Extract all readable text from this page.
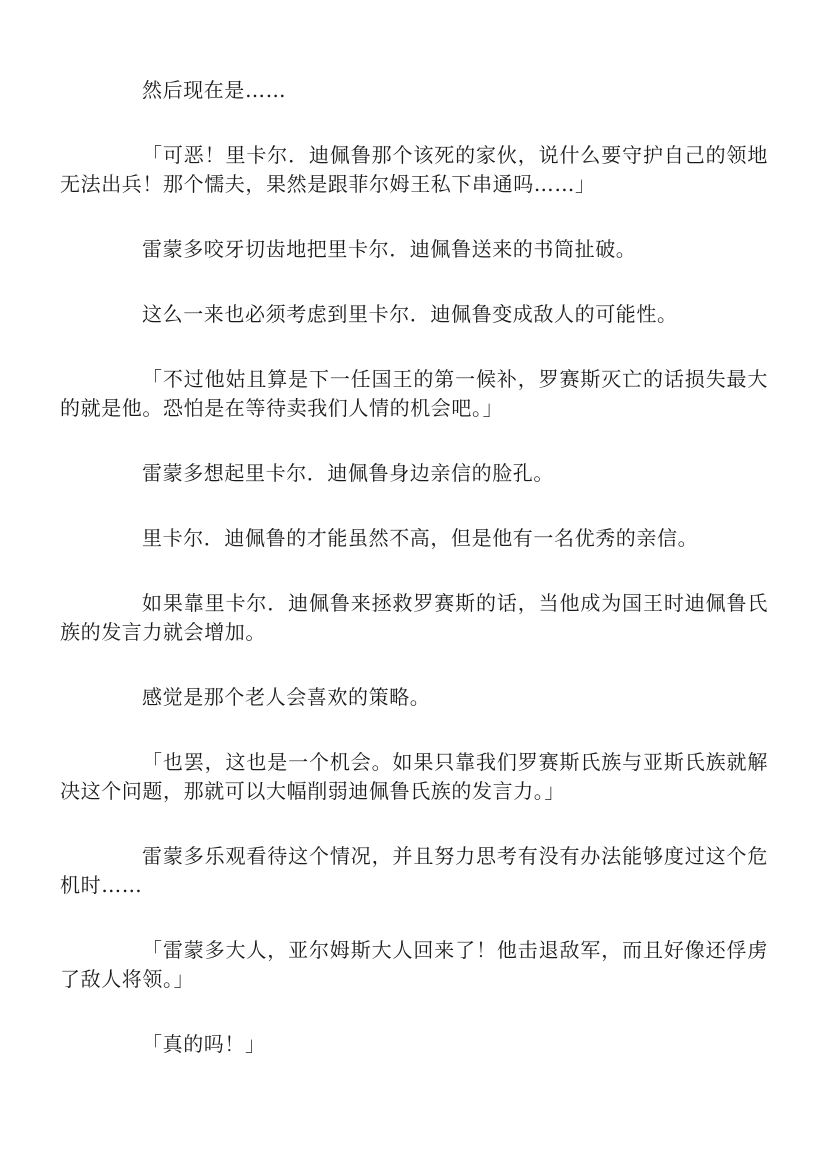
然后现在是……

「可恶！里卡尔．迪佩鲁那个该死的家伙，说什么要守护自己的领地无法出兵！那个懦夫，果然是跟菲尔姆王私下串通吗……」

雷蒙多咬牙切齿地把里卡尔．迪佩鲁送来的书筒扯破。

这么一来也必须考虑到里卡尔．迪佩鲁变成敌人的可能性。

「不过他姑且算是下一任国王的第一候补，罗赛斯灭亡的话损失最大的就是他。恐怕是在等待卖我们人情的机会吧。」

雷蒙多想起里卡尔．迪佩鲁身边亲信的脸孔。

里卡尔．迪佩鲁的才能虽然不高，但是他有一名优秀的亲信。

如果靠里卡尔．迪佩鲁来拯救罗赛斯的话，当他成为国王时迪佩鲁氏族的发言力就会增加。

感觉是那个老人会喜欢的策略。

「也罢，这也是一个机会。如果只靠我们罗赛斯氏族与亚斯氏族就解决这个问题，那就可以大幅削弱迪佩鲁氏族的发言力。」

雷蒙多乐观看待这个情况，并且努力思考有没有办法能够度过这个危机时……

「雷蒙多大人，亚尔姆斯大人回来了！他击退敌军，而且好像还俘虏了敌人将领。」

「真的吗！」
